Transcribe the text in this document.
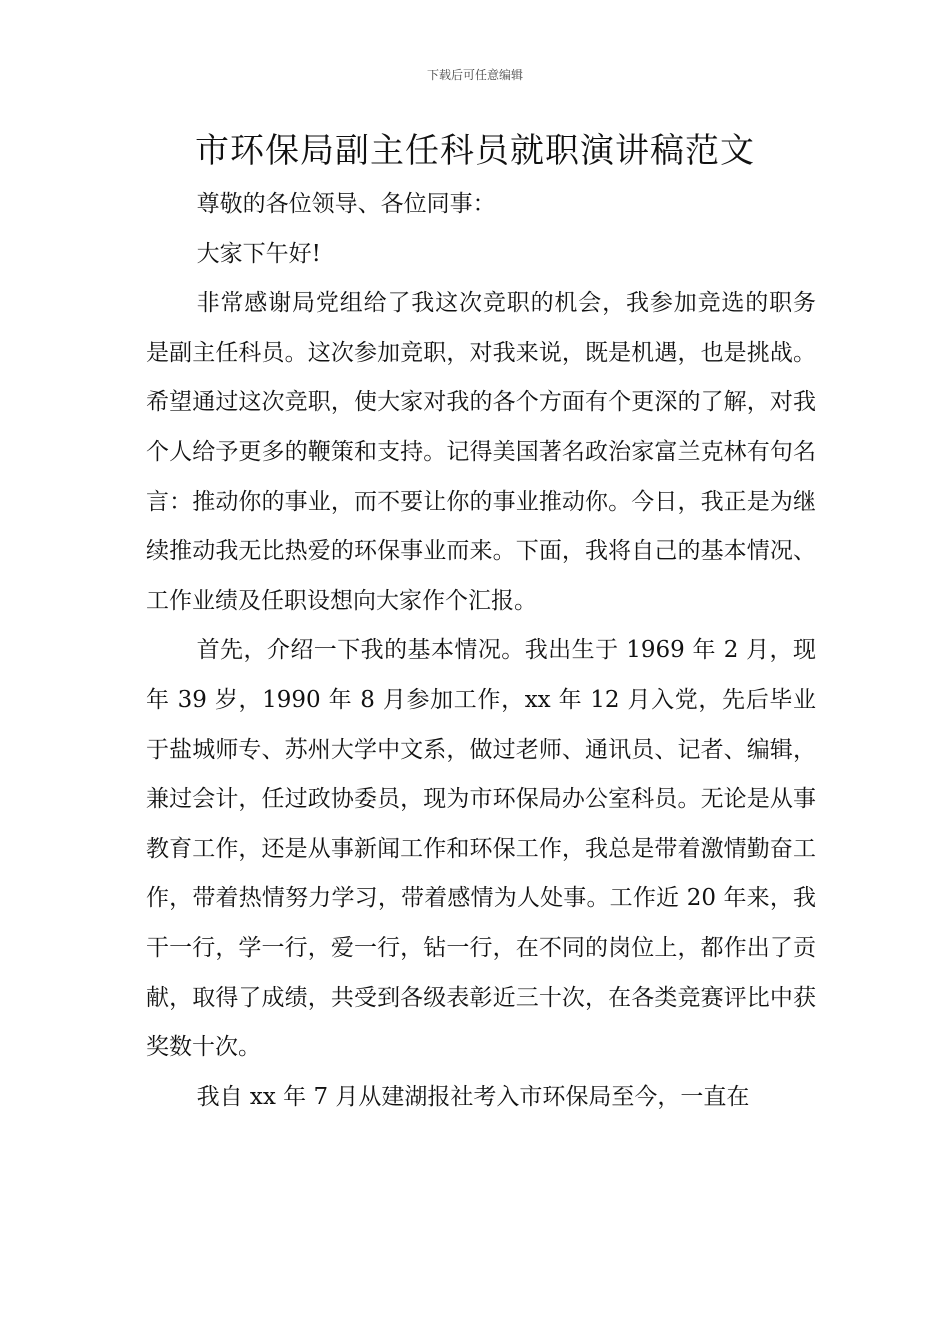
下载后可任意编辑
市环保局副主任科员就职演讲稿范文

尊敬的各位领导、各位同事：

大家下午好!

非常感谢局党组给了我这次竞职的机会，我参加竞选的职务是副主任科员。这次参加竞职，对我来说，既是机遇，也是挑战。希望通过这次竞职，使大家对我的各个方面有个更深的了解，对我个人给予更多的鞭策和支持。记得美国著名政治家富兰克林有句名言：推动你的事业，而不要让你的事业推动你。今日，我正是为继续推动我无比热爱的环保事业而来。下面，我将自己的基本情况、工作业绩及任职设想向大家作个汇报。

首先，介绍一下我的基本情况。我出生于 1969 年 2 月，现年 39 岁，1990 年 8 月参加工作，xx 年 12 月入党，先后毕业于盐城师专、苏州大学中文系，做过老师、通讯员、记者、编辑，兼过会计，任过政协委员，现为市环保局办公室科员。无论是从事教育工作，还是从事新闻工作和环保工作，我总是带着激情勤奋工作，带着热情努力学习，带着感情为人处事。工作近 20 年来，我干一行，学一行，爱一行，钻一行，在不同的岗位上，都作出了贡献，取得了成绩，共受到各级表彰近三十次，在各类竞赛评比中获奖数十次。

我自 xx 年 7 月从建湖报社考入市环保局至今，一直在
